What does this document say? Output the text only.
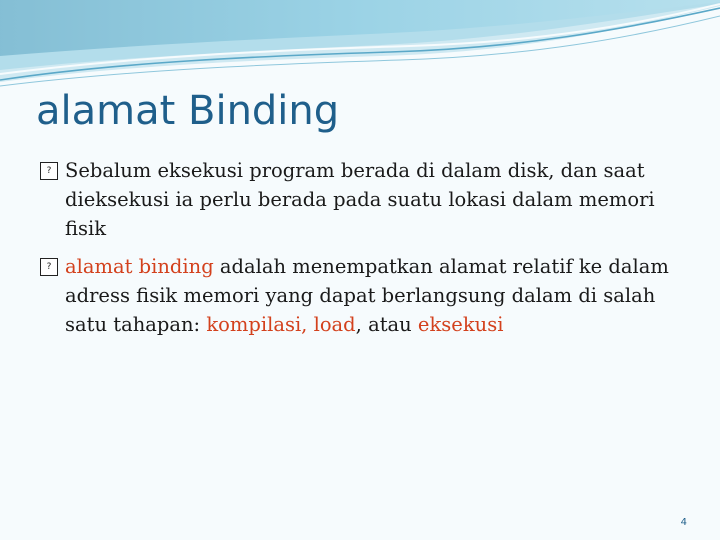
alamat Binding
? Sebalum eksekusi program berada di dalam disk, dan saat dieksekusi ia perlu berada pada suatu lokasi dalam memori fisik
? alamat binding adalah menempatkan alamat relatif ke dalam adress fisik memori yang dapat berlangsung dalam di salah satu tahapan: kompilasi, load, atau eksekusi
4
